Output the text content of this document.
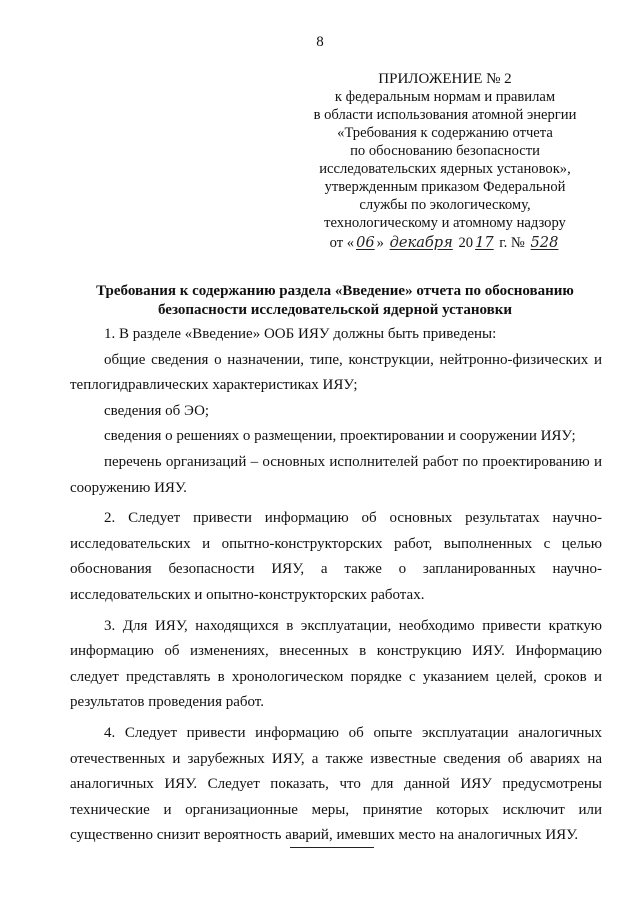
8
ПРИЛОЖЕНИЕ № 2
к федеральным нормам и правилам
в области использования атомной энергии
«Требования к содержанию отчета
по обоснованию безопасности
исследовательских ядерных установок»,
утвержденным приказом Федеральной
службы по экологическому,
технологическому и атомному надзору
от « 06 » декабря 20 17 г. № 528
Требования к содержанию раздела «Введение» отчета по обоснованию безопасности исследовательской ядерной установки

1. В разделе «Введение» ООБ ИЯУ должны быть приведены:

общие сведения о назначении, типе, конструкции, нейтронно-физических и теплогидравлических характеристиках ИЯУ;

сведения об ЭО;

сведения о решениях о размещении, проектировании и сооружении ИЯУ;

перечень организаций – основных исполнителей работ по проектированию и сооружению ИЯУ.

2. Следует привести информацию об основных результатах научно-исследовательских и опытно-конструкторских работ, выполненных с целью обоснования безопасности ИЯУ, а также о запланированных научно-исследовательских и опытно-конструкторских работах.

3. Для ИЯУ, находящихся в эксплуатации, необходимо привести краткую информацию об изменениях, внесенных в конструкцию ИЯУ. Информацию следует представлять в хронологическом порядке с указанием целей, сроков и результатов проведения работ.

4. Следует привести информацию об опыте эксплуатации аналогичных отечественных и зарубежных ИЯУ, а также известные сведения об авариях на аналогичных ИЯУ. Следует показать, что для данной ИЯУ предусмотрены технические и организационные меры, принятие которых исключит или существенно снизит вероятность аварий, имевших место на аналогичных ИЯУ.
